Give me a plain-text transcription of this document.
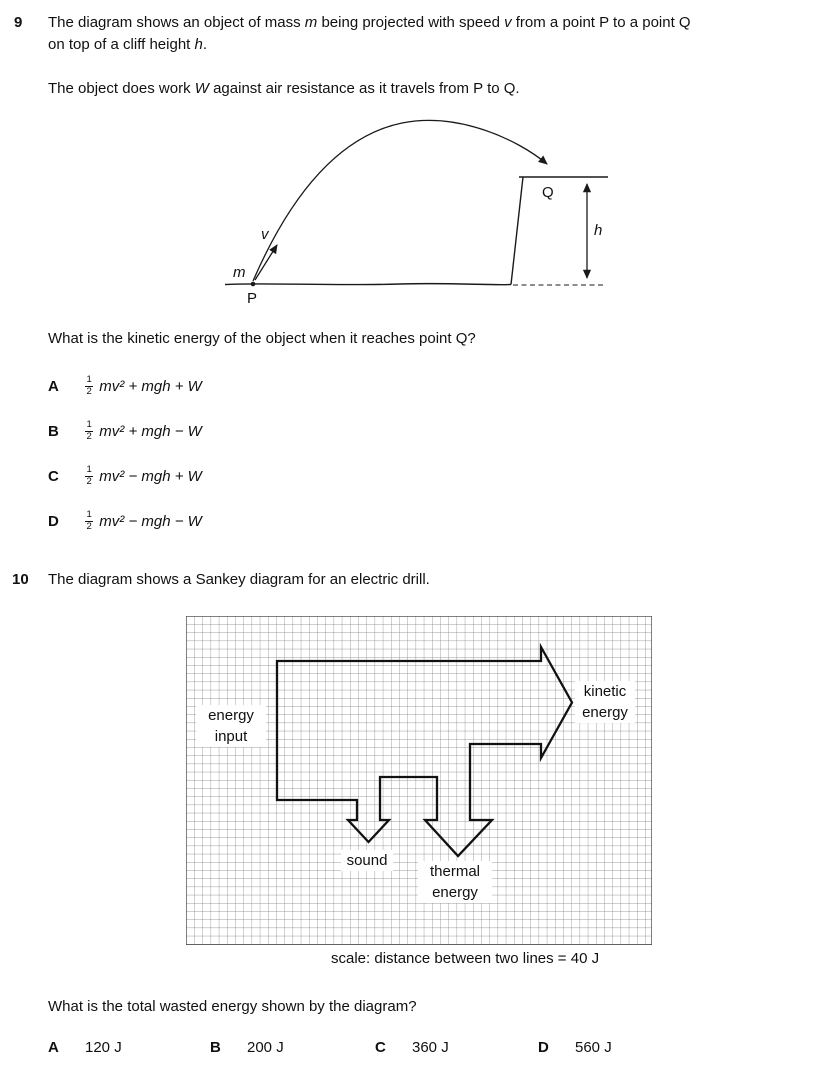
9 The diagram shows an object of mass m being projected with speed v from a point P to a point Q
on top of a cliff height h.
The object does work W against air resistance as it travels from P to Q.
m
v
P
Q
h
What is the kinetic energy of the object when it reaches point Q?
A	$\frac{1}{2} mv^2$ + mgh + W
B	$\frac{1}{2} mv^2$ + mgh − W
C	$\frac{1}{2} mv^2$ − mgh + W
D	$\frac{1}{2} mv^2$ − mgh − W
10 The diagram shows a Sankey diagram for an electric drill.
energy input
kinetic energy
sound
thermal energy
scale: distance between two lines = 40 J
What is the total wasted energy shown by the diagram?
A	120 J	B	200 J	C	360 J	D	560 J
